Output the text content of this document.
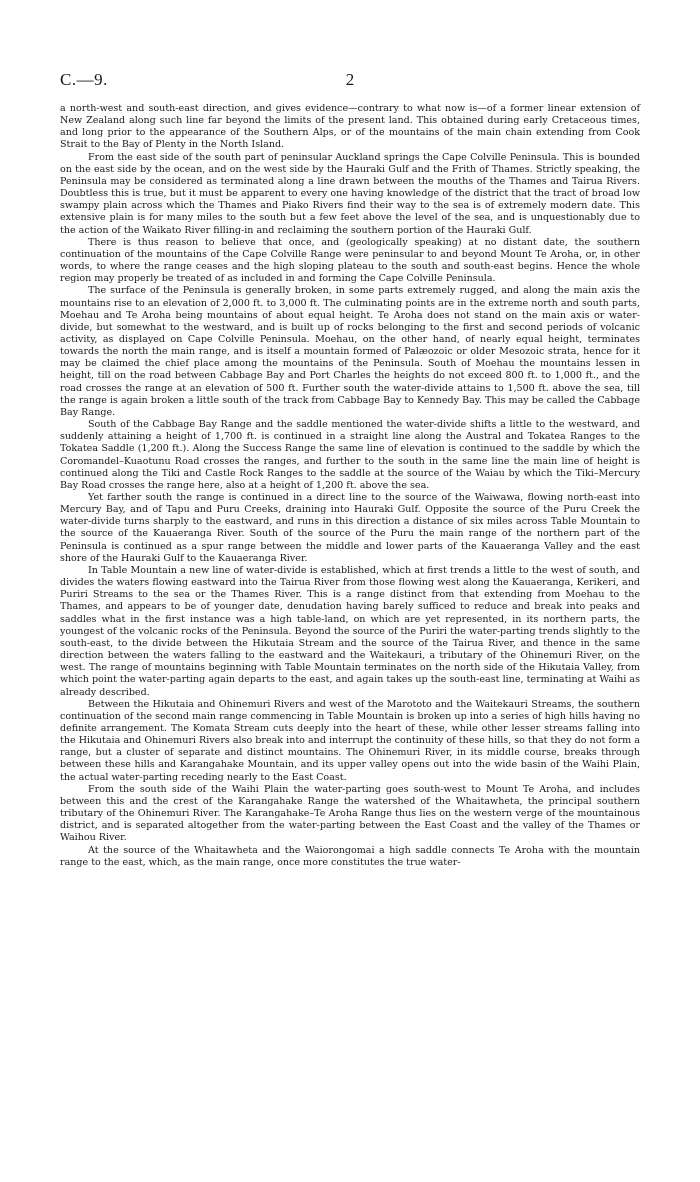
C.—9.	2

a north-west and south-east direction, and gives evidence—contrary to what now is—of a former linear extension of New Zealand along such line far beyond the limits of the present land. This obtained during early Cretaceous times, and long prior to the appearance of the Southern Alps, or of the mountains of the main chain extending from Cook Strait to the Bay of Plenty in the North Island.

From the east side of the south part of peninsular Auckland springs the Cape Colville Peninsula. This is bounded on the east side by the ocean, and on the west side by the Hauraki Gulf and the Frith of Thames. Strictly speaking, the Peninsula may be considered as terminated along a line drawn between the mouths of the Thames and Tairua Rivers. Doubtless this is true, but it must be apparent to every one having knowledge of the district that the tract of broad low swampy plain across which the Thames and Piako Rivers find their way to the sea is of extremely modern date. This extensive plain is for many miles to the south but a few feet above the level of the sea, and is unquestionably due to the action of the Waikato River filling-in and reclaiming the southern portion of the Hauraki Gulf.

There is thus reason to believe that once, and (geologically speaking) at no distant date, the southern continuation of the mountains of the Cape Colville Range were peninsular to and beyond Mount Te Aroha, or, in other words, to where the range ceases and the high sloping plateau to the south and south-east begins. Hence the whole region may properly be treated of as included in and forming the Cape Colville Peninsula.

The surface of the Peninsula is generally broken, in some parts extremely rugged, and along the main axis the mountains rise to an elevation of 2,000 ft. to 3,000 ft. The culminating points are in the extreme north and south parts, Moehau and Te Aroha being mountains of about equal height. Te Aroha does not stand on the main axis or water-divide, but somewhat to the westward, and is built up of rocks belonging to the first and second periods of volcanic activity, as displayed on Cape Colville Peninsula. Moehau, on the other hand, of nearly equal height, terminates towards the north the main range, and is itself a mountain formed of Palæozoic or older Mesozoic strata, hence for it may be claimed the chief place among the mountains of the Peninsula. South of Moehau the mountains lessen in height, till on the road between Cabbage Bay and Port Charles the heights do not exceed 800 ft. to 1,000 ft., and the road crosses the range at an elevation of 500 ft. Further south the water-divide attains to 1,500 ft. above the sea, till the range is again broken a little south of the track from Cabbage Bay to Kennedy Bay. This may be called the Cabbage Bay Range.

South of the Cabbage Bay Range and the saddle mentioned the water-divide shifts a little to the westward, and suddenly attaining a height of 1,700 ft. is continued in a straight line along the Austral and Tokatea Ranges to the Tokatea Saddle (1,200 ft.). Along the Success Range the same line of elevation is continued to the saddle by which the Coromandel–Kuaotunu Road crosses the ranges, and further to the south in the same line the main line of height is continued along the Tiki and Castle Rock Ranges to the saddle at the source of the Waiau by which the Tiki–Mercury Bay Road crosses the range here, also at a height of 1,200 ft. above the sea.

Yet farther south the range is continued in a direct line to the source of the Waiwawa, flowing north-east into Mercury Bay, and of Tapu and Puru Creeks, draining into Hauraki Gulf. Opposite the source of the Puru Creek the water-divide turns sharply to the eastward, and runs in this direction a distance of six miles across Table Mountain to the source of the Kauaeranga River. South of the source of the Puru the main range of the northern part of the Peninsula is continued as a spur range between the middle and lower parts of the Kauaeranga Valley and the east shore of the Hauraki Gulf to the Kauaeranga River.

In Table Mountain a new line of water-divide is established, which at first trends a little to the west of south, and divides the waters flowing eastward into the Tairua River from those flowing west along the Kauaeranga, Kerikeri, and Puriri Streams to the sea or the Thames River. This is a range distinct from that extending from Moehau to the Thames, and appears to be of younger date, denudation having barely sufficed to reduce and break into peaks and saddles what in the first instance was a high table-land, on which are yet represented, in its northern parts, the youngest of the volcanic rocks of the Peninsula. Beyond the source of the Puriri the water-parting trends slightly to the south-east, to the divide between the Hikutaia Stream and the source of the Tairua River, and thence in the same direction between the waters falling to the eastward and the Waitekauri, a tributary of the Ohinemuri River, on the west. The range of mountains beginning with Table Mountain terminates on the north side of the Hikutaia Valley, from which point the water-parting again departs to the east, and again takes up the south-east line, terminating at Waihi as already described.

Between the Hikutaia and Ohinemuri Rivers and west of the Marototo and the Waitekauri Streams, the southern continuation of the second main range commencing in Table Mountain is broken up into a series of high hills having no definite arrangement. The Komata Stream cuts deeply into the heart of these, while other lesser streams falling into the Hikutaia and Ohinemuri Rivers also break into and interrupt the continuity of these hills, so that they do not form a range, but a cluster of separate and distinct mountains. The Ohinemuri River, in its middle course, breaks through between these hills and Karangahake Mountain, and its upper valley opens out into the wide basin of the Waihi Plain, the actual water-parting receding nearly to the East Coast.

From the south side of the Waihi Plain the water-parting goes south-west to Mount Te Aroha, and includes between this and the crest of the Karangahake Range the watershed of the Whaitawheta, the principal southern tributary of the Ohinemuri River. The Karangahake–Te Aroha Range thus lies on the western verge of the mountainous district, and is separated altogether from the water-parting between the East Coast and the valley of the Thames or Waihou River.

At the source of the Whaitawheta and the Waiorongomai a high saddle connects Te Aroha with the mountain range to the east, which, as the main range, once more constitutes the true water-
